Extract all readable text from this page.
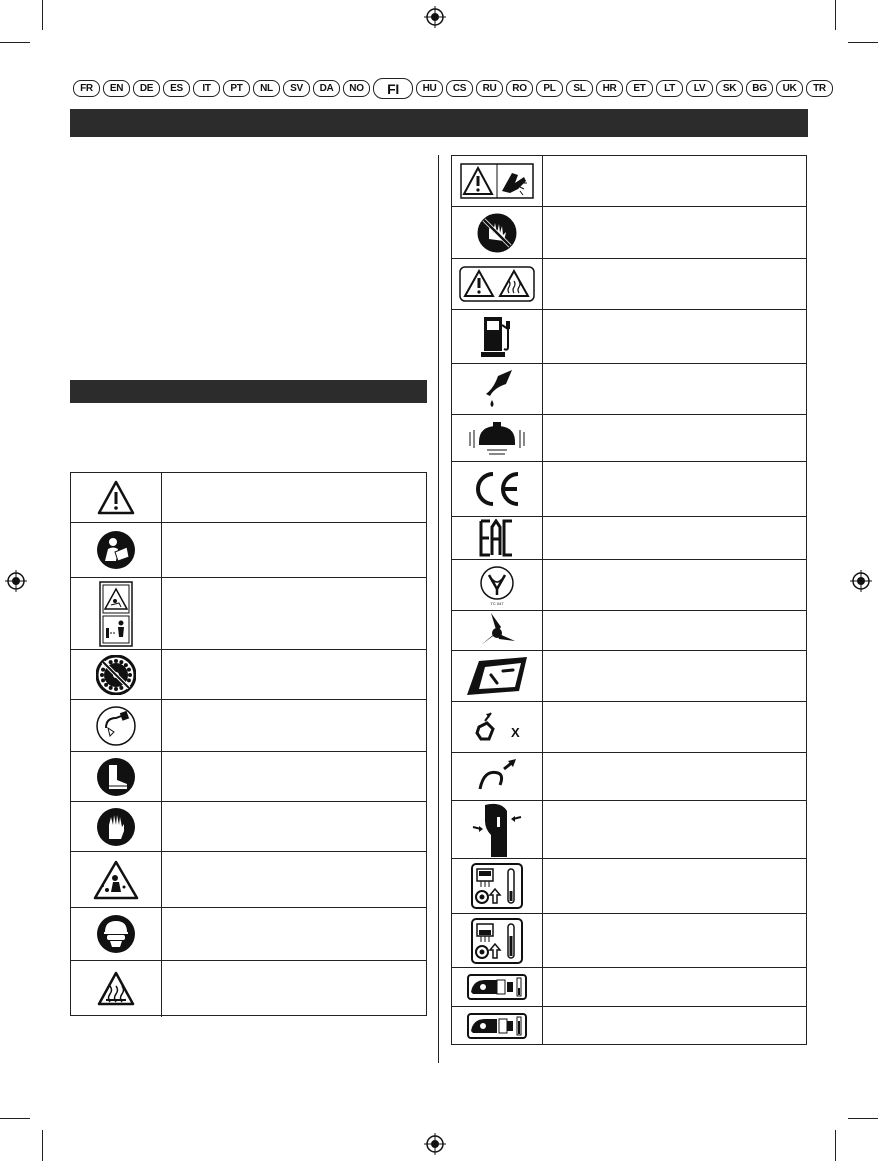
FR	EN	DE	ES	IT	PT	NL	SV	DA	NO	FI	HU	CS	RU	RO	PL	SL	HR	ET	LT	LV	SK	BG	UK	TR
TC 047
X
